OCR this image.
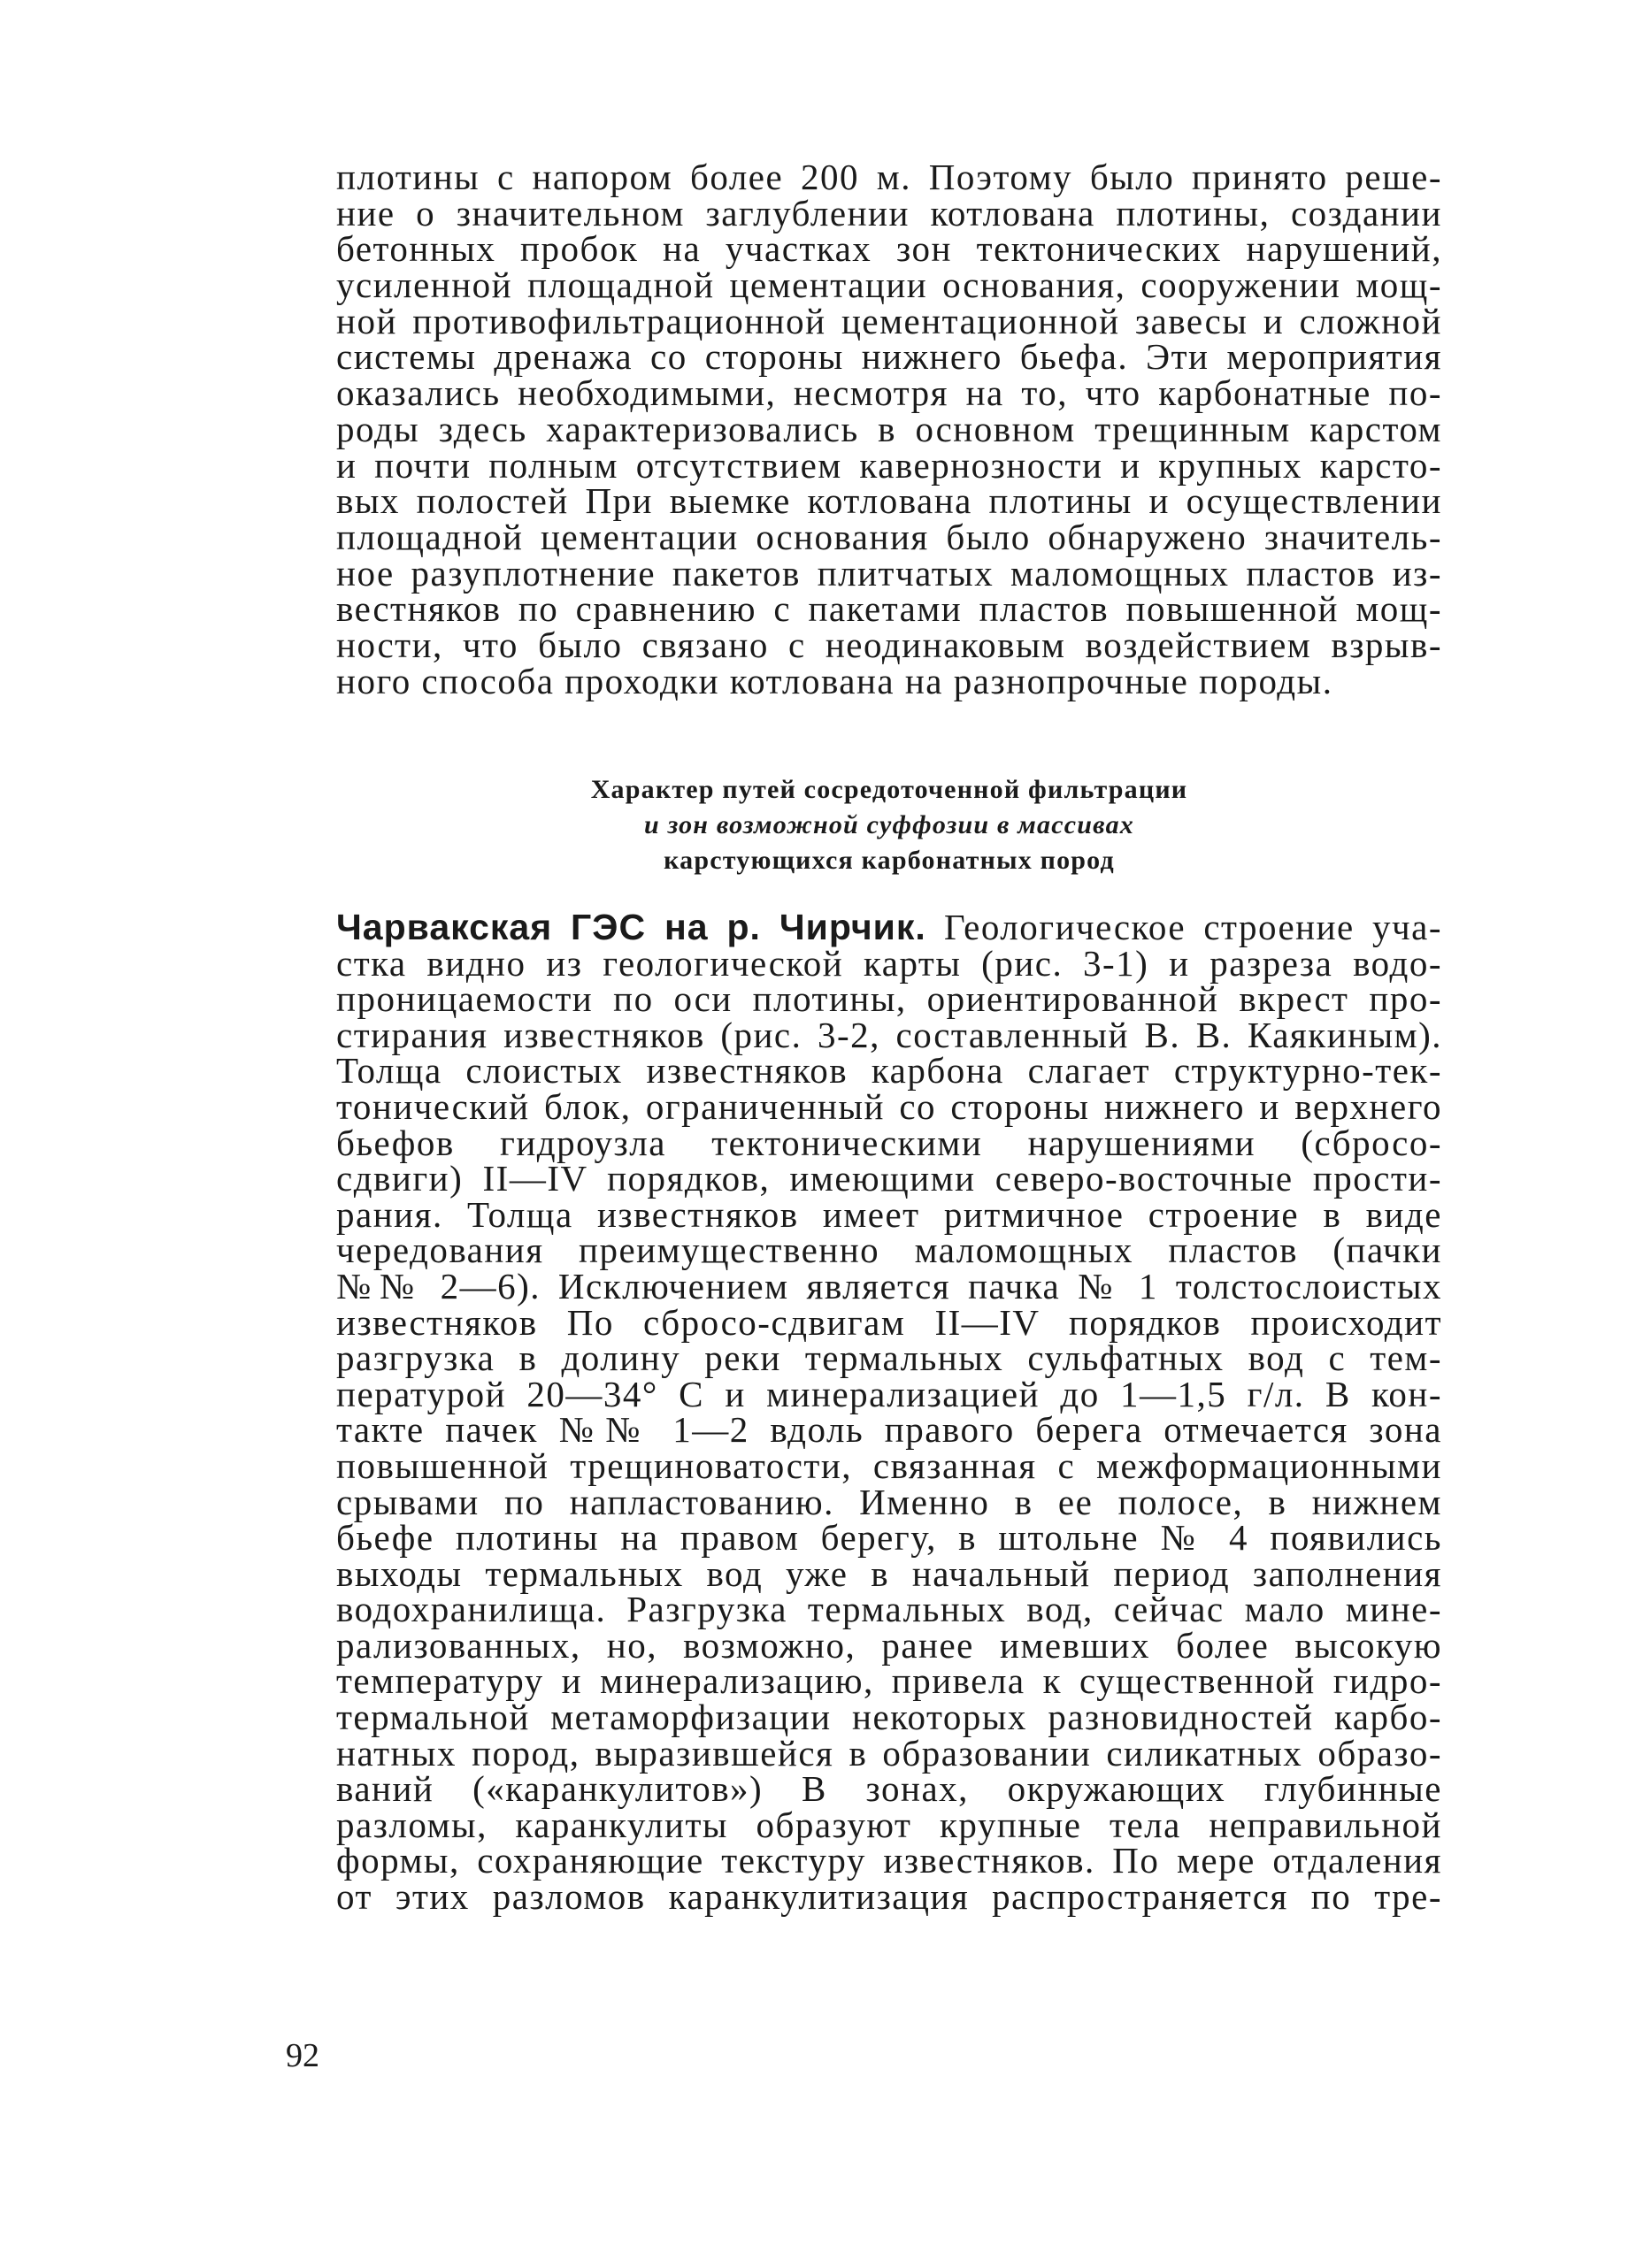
плотины с напором более 200 м. Поэтому было принято реше-
ние о значительном заглублении котлована плотины, создании
бетонных пробок на участках зон тектонических нарушений,
усиленной площадной цементации основания, сооружении мощ-
ной противофильтрационной цементационной завесы и сложной
системы дренажа со стороны нижнего бьефа. Эти мероприятия
оказались необходимыми, несмотря на то, что карбонатные по-
роды здесь характеризовались в основном трещинным карстом
и почти полным отсутствием кавернозности и крупных карсто-
вых полостей При выемке котлована плотины и осуществлении
площадной цементации основания было обнаружено значитель-
ное разуплотнение пакетов плитчатых маломощных пластов из-
вестняков по сравнению с пакетами пластов повышенной мощ-
ности, что было связано с неодинаковым воздействием взрыв-
ного способа проходки котлована на разнопрочные породы.
Характер путей сосредоточенной фильтрации
и зон возможной суффозии в массивах
карстующихся карбонатных пород
Чарвакская ГЭС на р. Чирчик. Геологическое строение уча-
стка видно из геологической карты (рис. 3-1) и разреза водо-
проницаемости по оси плотины, ориентированной вкрест про-
стирания известняков (рис. 3-2, составленный В. В. Каякиным).
Толща слоистых известняков карбона слагает структурно-тек-
тонический блок, ограниченный со стороны нижнего и верхнего
бьефов гидроузла тектоническими нарушениями (сбросо-
сдвиги) II—IV порядков, имеющими северо-восточные прости-
рания. Толща известняков имеет ритмичное строение в виде
чередования преимущественно маломощных пластов (пачки
№№ 2—6). Исключением является пачка № 1 толстослоистых
известняков По сбросо-сдвигам II—IV порядков происходит
разгрузка в долину реки термальных сульфатных вод с тем-
пературой 20—34° С и минерализацией до 1—1,5 г/л. В кон-
такте пачек №№ 1—2 вдоль правого берега отмечается зона
повышенной трещиноватости, связанная с межформационными
срывами по напластованию. Именно в ее полосе, в нижнем
бьефе плотины на правом берегу, в штольне № 4 появились
выходы термальных вод уже в начальный период заполнения
водохранилища. Разгрузка термальных вод, сейчас мало мине-
рализованных, но, возможно, ранее имевших более высокую
температуру и минерализацию, привела к существенной гидро-
термальной метаморфизации некоторых разновидностей карбо-
натных пород, выразившейся в образовании силикатных образо-
ваний («каранкулитов») В зонах, окружающих глубинные
разломы, каранкулиты образуют крупные тела неправильной
формы, сохраняющие текстуру известняков. По мере отдаления
от этих разломов каранкулитизация распространяется по тре-
92
